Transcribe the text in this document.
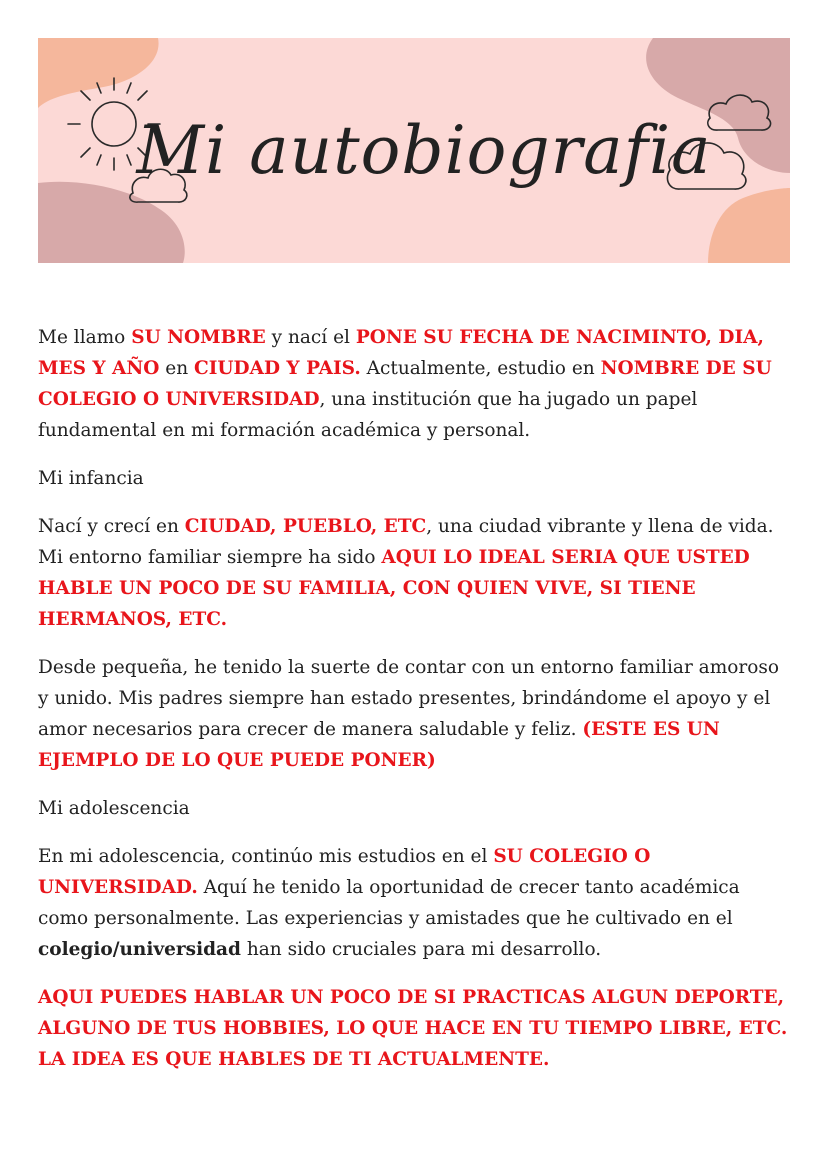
Mi autobiografia

Me llamo SU NOMBRE y nací el PONE SU FECHA DE NACIMINTO, DIA, MES Y AÑO en CIUDAD Y PAIS. Actualmente, estudio en NOMBRE DE SU COLEGIO O UNIVERSIDAD, una institución que ha jugado un papel fundamental en mi formación académica y personal.

Mi infancia

Nací y crecí en CIUDAD, PUEBLO, ETC, una ciudad vibrante y llena de vida. Mi entorno familiar siempre ha sido AQUI LO IDEAL SERIA QUE USTED HABLE UN POCO DE SU FAMILIA, CON QUIEN VIVE, SI TIENE HERMANOS, ETC.

Desde pequeña, he tenido la suerte de contar con un entorno familiar amoroso y unido. Mis padres siempre han estado presentes, brindándome el apoyo y el amor necesarios para crecer de manera saludable y feliz. (ESTE ES UN EJEMPLO DE LO QUE PUEDE PONER)

Mi adolescencia

En mi adolescencia, continúo mis estudios en el SU COLEGIO O UNIVERSIDAD. Aquí he tenido la oportunidad de crecer tanto académica como personalmente. Las experiencias y amistades que he cultivado en el colegio/universidad han sido cruciales para mi desarrollo.

AQUI PUEDES HABLAR UN POCO DE SI PRACTICAS ALGUN DEPORTE, ALGUNO DE TUS HOBBIES, LO QUE HACE EN TU TIEMPO LIBRE, ETC. LA IDEA ES QUE HABLES DE TI ACTUALMENTE.
